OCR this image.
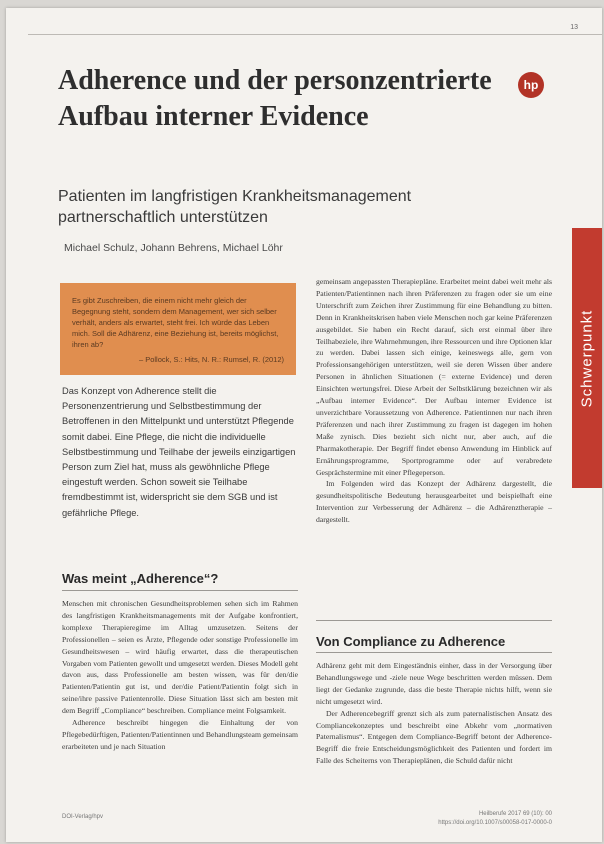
13
hp
Adherence und der personzentrierte Aufbau interner Evidence
Patienten im langfristigen Krankheitsmanagement partnerschaftlich unterstützen
Michael Schulz, Johann Behrens, Michael Löhr
Es gibt Zuschreiben, die einem nicht mehr gleich der Begegnung steht, sondern dem Management, wer sich selber verhält, anders als erwartet, steht frei. Ich würde das Leben mich. Soll die Adhärenz, eine Beziehung ist, bereits möglichst, ihren ab?
– Pollock, S.: Hits, N. R.: Rumsel, R. (2012)

Das Konzept von Adherence stellt die Personenzentrierung und Selbstbestimmung der Betroffenen in den Mittelpunkt und unterstützt Pflegende somit dabei. Eine Pflege, die nicht die individuelle Selbstbestimmung und Teilhabe der jeweils einzigartigen Person zum Ziel hat, muss als gewöhnliche Pflege eingestuft werden. Schon soweit sie Teilhabe fremdbestimmt ist, widerspricht sie dem SGB und ist gefährliche Pflege.

Was meint „Adherence“?

Menschen mit chronischen Gesundheitsproblemen sehen sich im Rahmen des langfristigen Krankheitsmanagements mit der Aufgabe konfrontiert, komplexe Therapieregime im Alltag umzusetzen. Seitens der Professionellen – seien es Ärzte, Pflegende oder sonstige Professionelle im Gesundheitswesen – wird häufig erwartet, dass die therapeutischen Vorgaben vom Patienten gewollt und umgesetzt werden. Dieses Modell geht davon aus, dass Professionelle am besten wissen, was für den/die Patienten/Patientin gut ist, und der/die Patient/Patientin folgt sich in seine/ihre passive Patientenrolle. Diese Situation lässt sich am besten mit dem Begriff „Compliance“ beschreiben. Compliance meint Folgsamkeit.

Adherence beschreibt hingegen die Einhaltung der von Pflegebedürftigen, Patienten/Patientinnen und Behandlungsteam gemeinsam erarbeiteten und je nach Situation

gemeinsam angepassten Therapiepläne. Erarbeitet meint dabei weit mehr als Patienten/Patientinnen nach ihren Präferenzen zu fragen oder sie um eine Unterschrift zum Zeichen ihrer Zustimmung für eine Behandlung zu bitten. Denn in Krankheitskrisen haben viele Menschen noch gar keine Präferenzen ausgebildet. Sie haben ein Recht darauf, sich erst einmal über ihre Teilhabeziele, ihre Wahrnehmungen, ihre Ressourcen und ihre Optionen klar zu werden. Dabei lassen sich einige, keineswegs alle, gern von Professionsangehörigen unterstützen, weil sie deren Wissen über andere Personen in ähnlichen Situationen (= externe Evidence) und deren Einsichten wertungsfrei. Diese Arbeit der Selbstklärung bezeichnen wir als „Aufbau interner Evidence“. Der Aufbau interner Evidence ist unverzichtbare Voraussetzung von Adherence. Patientinnen nur nach ihren Präferenzen und nach ihrer Zustimmung zu fragen ist dagegen im hohen Maße zynisch. Dies bezieht sich nicht nur, aber auch, auf die Pharmakotherapie. Der Begriff findet ebenso Anwendung im Hinblick auf Ernährungsprogramme, Sportprogramme oder auf verabredete Gesprächstermine mit einer Pflegeperson.

Im Folgenden wird das Konzept der Adhärenz dargestellt, die gesundheitspolitische Bedeutung herausgearbeitet und beispielhaft eine Intervention zur Verbesserung der Adhärenz – die Adhärenztherapie – dargestellt.

Von Compliance zu Adherence

Adhärenz geht mit dem Eingeständnis einher, dass in der Versorgung über Behandlungswege und -ziele neue Wege beschritten werden müssen. Dem liegt der Gedanke zugrunde, dass die beste Therapie nichts hilft, wenn sie nicht umgesetzt wird.

Der Adherencebegriff grenzt sich als zum paternalistischen Ansatz des Compliancekonzeptes und beschreibt eine Abkehr vom „normativen Paternalismus“. Entgegen dem Compliance-Begriff betont der Adherence-Begriff die freie Entscheidungsmöglichkeit des Patienten und fordert im Falle des Scheiterns von Therapieplänen, die Schuld dafür nicht

Schwerpunkt
DOI-Verlag/hpv	Heilberufe 2017 69 (10): 00
https://doi.org/10.1007/s00058-017-0000-0
